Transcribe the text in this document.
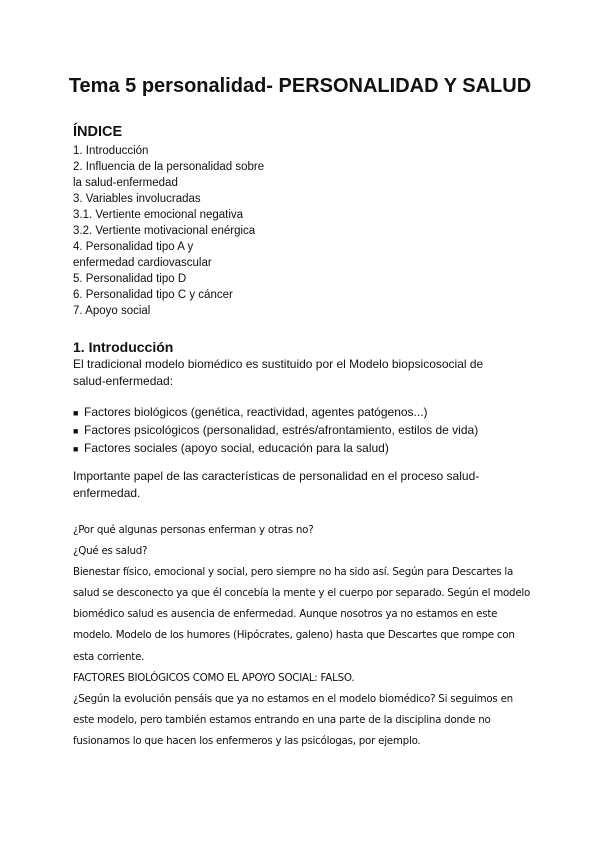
Tema 5 personalidad- PERSONALIDAD Y SALUD
ÍNDICE
1. Introducción
2. Influencia de la personalidad sobre
la salud-enfermedad
3. Variables involucradas
3.1. Vertiente emocional negativa
3.2. Vertiente motivacional enérgica
4. Personalidad tipo A y
enfermedad cardiovascular
5. Personalidad tipo D
6. Personalidad tipo C y cáncer
7. Apoyo social
1. Introducción
El tradicional modelo biomédico es sustituido por el Modelo biopsicosocial de salud-enfermedad:
■ Factores biológicos (genética, reactividad, agentes patógenos...)
■ Factores psicológicos (personalidad, estrés/afrontamiento, estilos de vida)
■ Factores sociales (apoyo social, educación para la salud)
Importante papel de las características de personalidad en el proceso salud-enfermedad.

¿Por qué algunas personas enferman y otras no?

¿Qué es salud?

Bienestar físico, emocional y social, pero siempre no ha sido así. Según para Descartes la salud se desconecto ya que él concebía la mente y el cuerpo por separado. Según el modelo biomédico salud es ausencia de enfermedad. Aunque nosotros ya no estamos en este modelo. Modelo de los humores (Hipócrates, galeno) hasta que Descartes que rompe con esta corriente.

FACTORES BIOLÓGICOS COMO EL APOYO SOCIAL: FALSO.

¿Según la evolución pensáis que ya no estamos en el modelo biomédico? Si seguimos en este modelo, pero también estamos entrando en una parte de la disciplina donde no fusionamos lo que hacen los enfermeros y las psicólogas, por ejemplo.
